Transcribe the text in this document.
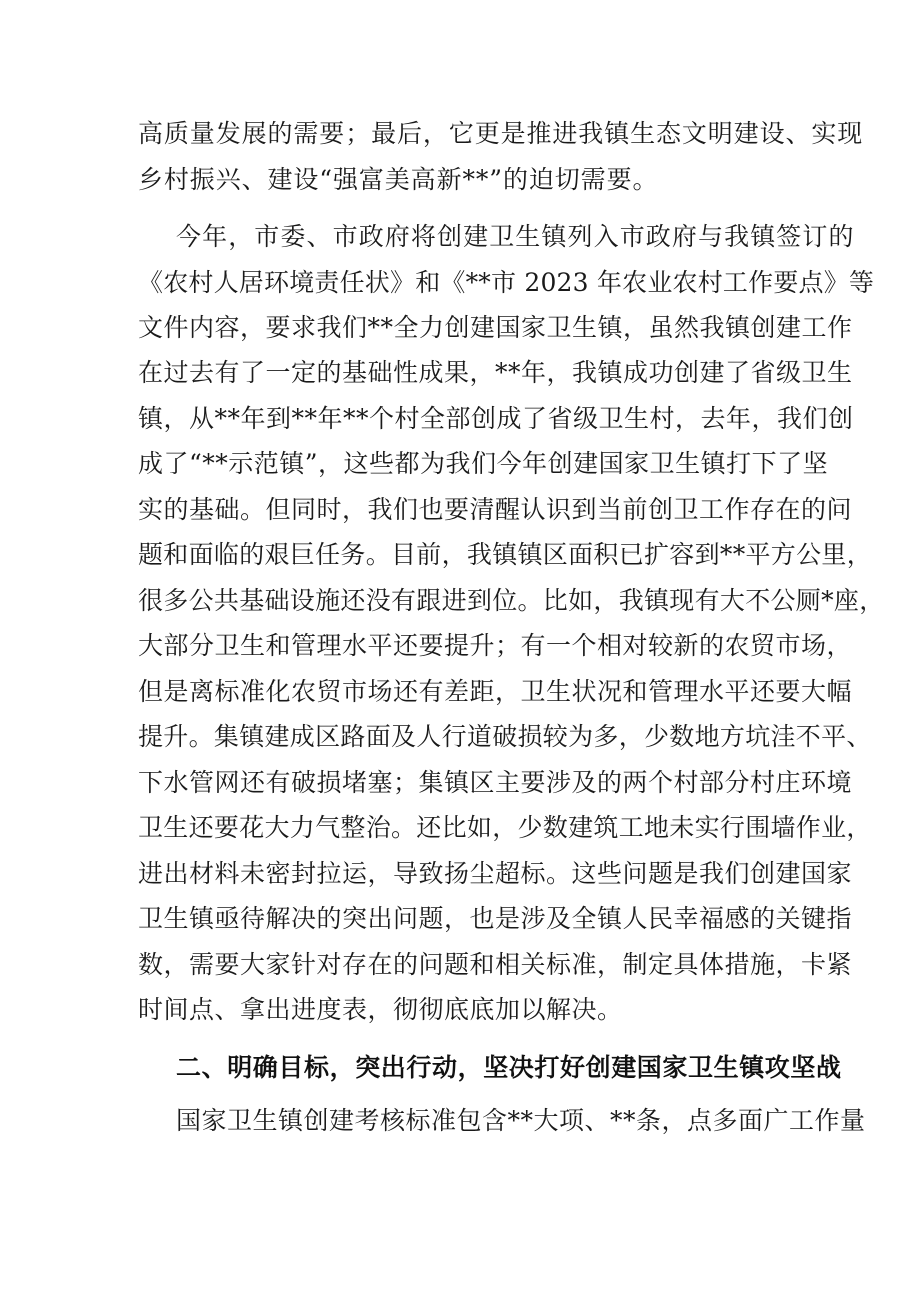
高质量发展的需要；最后，它更是推进我镇生态文明建设、实现
乡村振兴、建设“强富美高新**”的迫切需要。
今年，市委、市政府将创建卫生镇列入市政府与我镇签订的
《农村人居环境责任状》和《**市 2023 年农业农村工作要点》等
文件内容，要求我们**全力创建国家卫生镇，虽然我镇创建工作
在过去有了一定的基础性成果，**年，我镇成功创建了省级卫生
镇，从**年到**年**个村全部创成了省级卫生村，去年，我们创
成了“**示范镇”，这些都为我们今年创建国家卫生镇打下了坚
实的基础。但同时，我们也要清醒认识到当前创卫工作存在的问
题和面临的艰巨任务。目前，我镇镇区面积已扩容到**平方公里，
很多公共基础设施还没有跟进到位。比如，我镇现有大不公厕*座，
大部分卫生和管理水平还要提升；有一个相对较新的农贸市场，
但是离标准化农贸市场还有差距，卫生状况和管理水平还要大幅
提升。集镇建成区路面及人行道破损较为多，少数地方坑洼不平、
下水管网还有破损堵塞；集镇区主要涉及的两个村部分村庄环境
卫生还要花大力气整治。还比如，少数建筑工地未实行围墙作业，
进出材料未密封拉运，导致扬尘超标。这些问题是我们创建国家
卫生镇亟待解决的突出问题，也是涉及全镇人民幸福感的关键指
数，需要大家针对存在的问题和相关标准，制定具体措施，卡紧
时间点、拿出进度表，彻彻底底加以解决。
二、明确目标，突出行动，坚决打好创建国家卫生镇攻坚战
国家卫生镇创建考核标准包含**大项、**条，点多面广工作量
